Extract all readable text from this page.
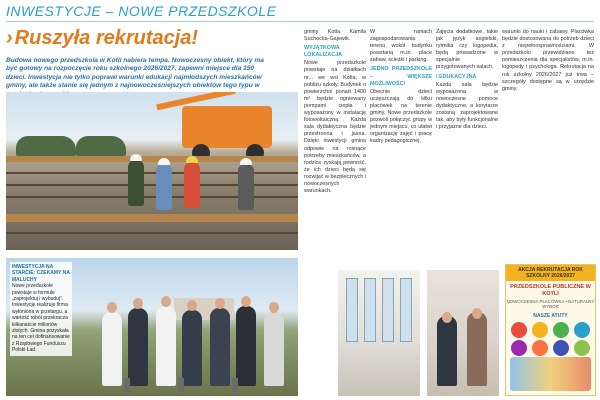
INWESTYCJE – NOWE PRZEDSZKOLE
› Ruszyła rekrutacja!
Budowa nowego przedszkola w Kotli nabiera tempa. Nowoczesny obiekt, który ma być gotowy na rozpoczęcie roku szkolnego 2026/2027, zapewni miejsce dla 150 dzieci. Inwestycja nie tylko poprawi warunki edukacji najmłodszych mieszkańców gminy, ale także stanie się jednym z najnowocześniejszych obiektów tego typu w
INWESTYCJA NA STARCIE: CZEKAMY NA MALUCHY
Nowe przedszkole powstaje w formule „zaprojektuj i wybuduj”. Inwestycję realizuje firma wyłoniona w przetargu, a wartość robót przekracza kilkanaście milionów złotych. Gmina pozyskała na ten cel dofinansowanie z Rządowego Funduszu Polski Ład.
gminy Kotla Kamila Suchocka-Gajewik.
WYJĄTKOWA LOKALIZACJA
Nowe przedszkole powstaje na działkach nr... we wsi Kotla, w pobliżu szkoły. Budynek o powierzchni ponad 1400 m² będzie ogrzewany pompami ciepła i wyposażony w instalację fotowoltaiczną. Każda sala dydaktyczna będzie przestronna i jasna. Dzięki inwestycji gmina odpowie na rosnące potrzeby mieszkańców, a rodzice zyskają pewność, że ich dzieci będą się rozwijać w bezpiecznych i nowoczesnych warunkach.
W ramach zagospodarowania terenu wokół budynku powstaną m.in. place zabaw, ścieżki i parking.
JEDNO PRZEDSZKOLE – WIĘKSZE MOŻLIWOŚCI
Obecnie dzieci uczęszczają do kilku placówek na terenie gminy. Nowe przedszkole pozwoli połączyć grupy w jednym miejscu, co ułatwi organizację zajęć i pracę kadry pedagogicznej.
Zajęcia dodatkowe, takie jak język angielski, rytmika czy logopedia, będą prowadzone w specjalnie przygotowanych salach.
I EDUKACYJNA
Każda sala będzie wyposażona w nowoczesne pomoce dydaktyczne, a korytarze zostaną zaprojektowane tak, aby były funkcjonalne i przyjazne dla dzieci.
warunki do nauki i zabawy. Placówka będzie dostosowana do potrzeb dzieci z niepełnosprawnościami. W przedszkolu przewidziano też pomieszczenia dla specjalistów, m.in. logopedy i psychologa. Rekrutacja na rok szkolny 2026/2027 już trwa – szczegóły dostępne są w urzędzie gminy.
AKCJA REKRUTACJA ROK SZKOLNY 2026/2027
PRZEDSZKOLE PUBLICZNE W KOTLI
NOWOCZESNA PLACÓWKA • NATURALNY WYBÓR
NASZE ATUTY
